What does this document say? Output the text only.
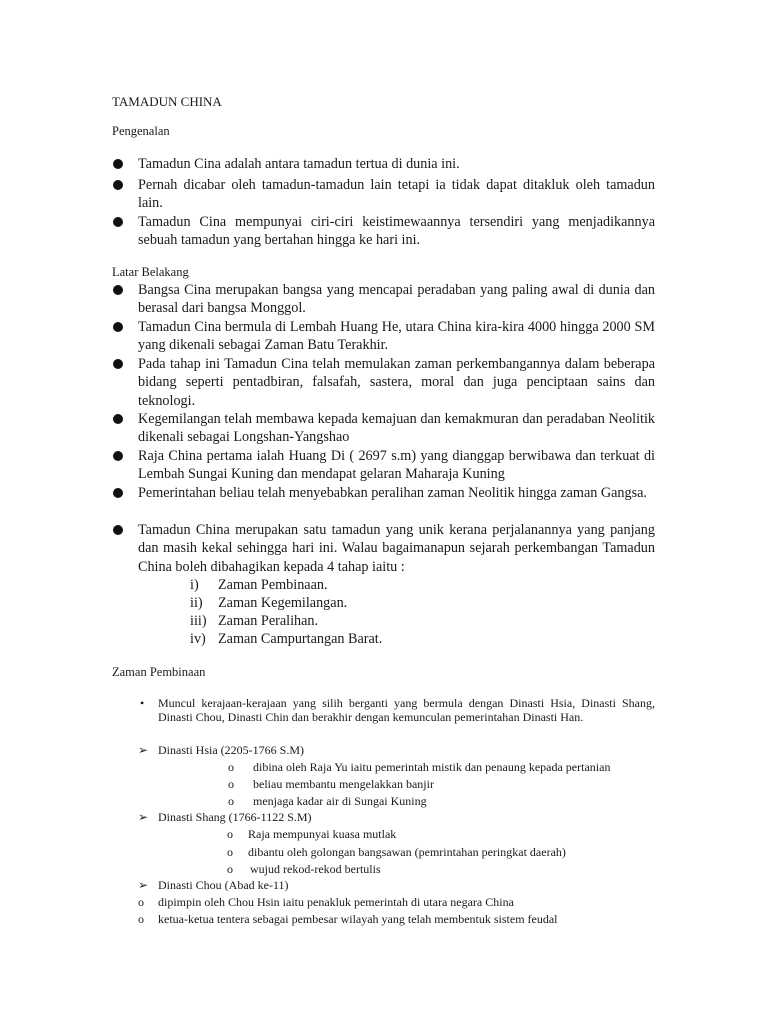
TAMADUN CHINA
Pengenalan
Tamadun Cina adalah antara tamadun tertua di dunia ini.
Pernah dicabar oleh tamadun-tamadun lain tetapi ia tidak dapat ditakluk oleh tamadun lain.
Tamadun Cina mempunyai ciri-ciri keistimewaannya tersendiri yang menjadikannya sebuah tamadun yang bertahan hingga ke hari ini.
Latar Belakang
Bangsa Cina merupakan bangsa yang mencapai peradaban yang paling awal di dunia dan berasal dari bangsa Monggol.
Tamadun Cina bermula di Lembah Huang He, utara China kira-kira 4000 hingga 2000 SM yang dikenali sebagai Zaman Batu Terakhir.
Pada tahap ini Tamadun Cina telah memulakan zaman perkembangannya dalam beberapa bidang seperti pentadbiran, falsafah, sastera, moral dan juga penciptaan sains dan teknologi.
Kegemilangan telah membawa kepada kemajuan dan kemakmuran dan peradaban Neolitik dikenali sebagai Longshan-Yangshao
Raja China pertama ialah Huang Di ( 2697 s.m) yang dianggap berwibawa dan terkuat di Lembah Sungai Kuning dan mendapat gelaran Maharaja Kuning
Pemerintahan beliau telah menyebabkan peralihan zaman Neolitik hingga zaman Gangsa.
Tamadun China merupakan satu tamadun yang unik kerana perjalanannya yang panjang dan masih kekal sehingga hari ini. Walau bagaimanapun sejarah perkembangan Tamadun China boleh dibahagikan kepada 4 tahap iaitu :
i) Zaman Pembinaan.
ii) Zaman Kegemilangan.
iii) Zaman Peralihan.
iv) Zaman Campurtangan Barat.
Zaman Pembinaan
• Muncul kerajaan-kerajaan yang silih berganti yang bermula dengan Dinasti Hsia, Dinasti Shang, Dinasti Chou, Dinasti Chin dan berakhir dengan kemunculan pemerintahan Dinasti Han.
➢ Dinasti Hsia (2205-1766 S.M)
o dibina oleh Raja Yu iaitu pemerintah mistik dan penaung kepada pertanian
o beliau membantu mengelakkan banjir
o menjaga kadar air di Sungai Kuning
➢ Dinasti Shang (1766-1122 S.M)
o Raja mempunyai kuasa mutlak
o dibantu oleh golongan bangsawan (pemrintahan peringkat daerah)
o wujud rekod-rekod bertulis
➢ Dinasti Chou (Abad ke-11)
o dipimpin oleh Chou Hsin iaitu penakluk pemerintah di utara negara China
o ketua-ketua tentera sebagai pembesar wilayah yang telah membentuk sistem feudal
